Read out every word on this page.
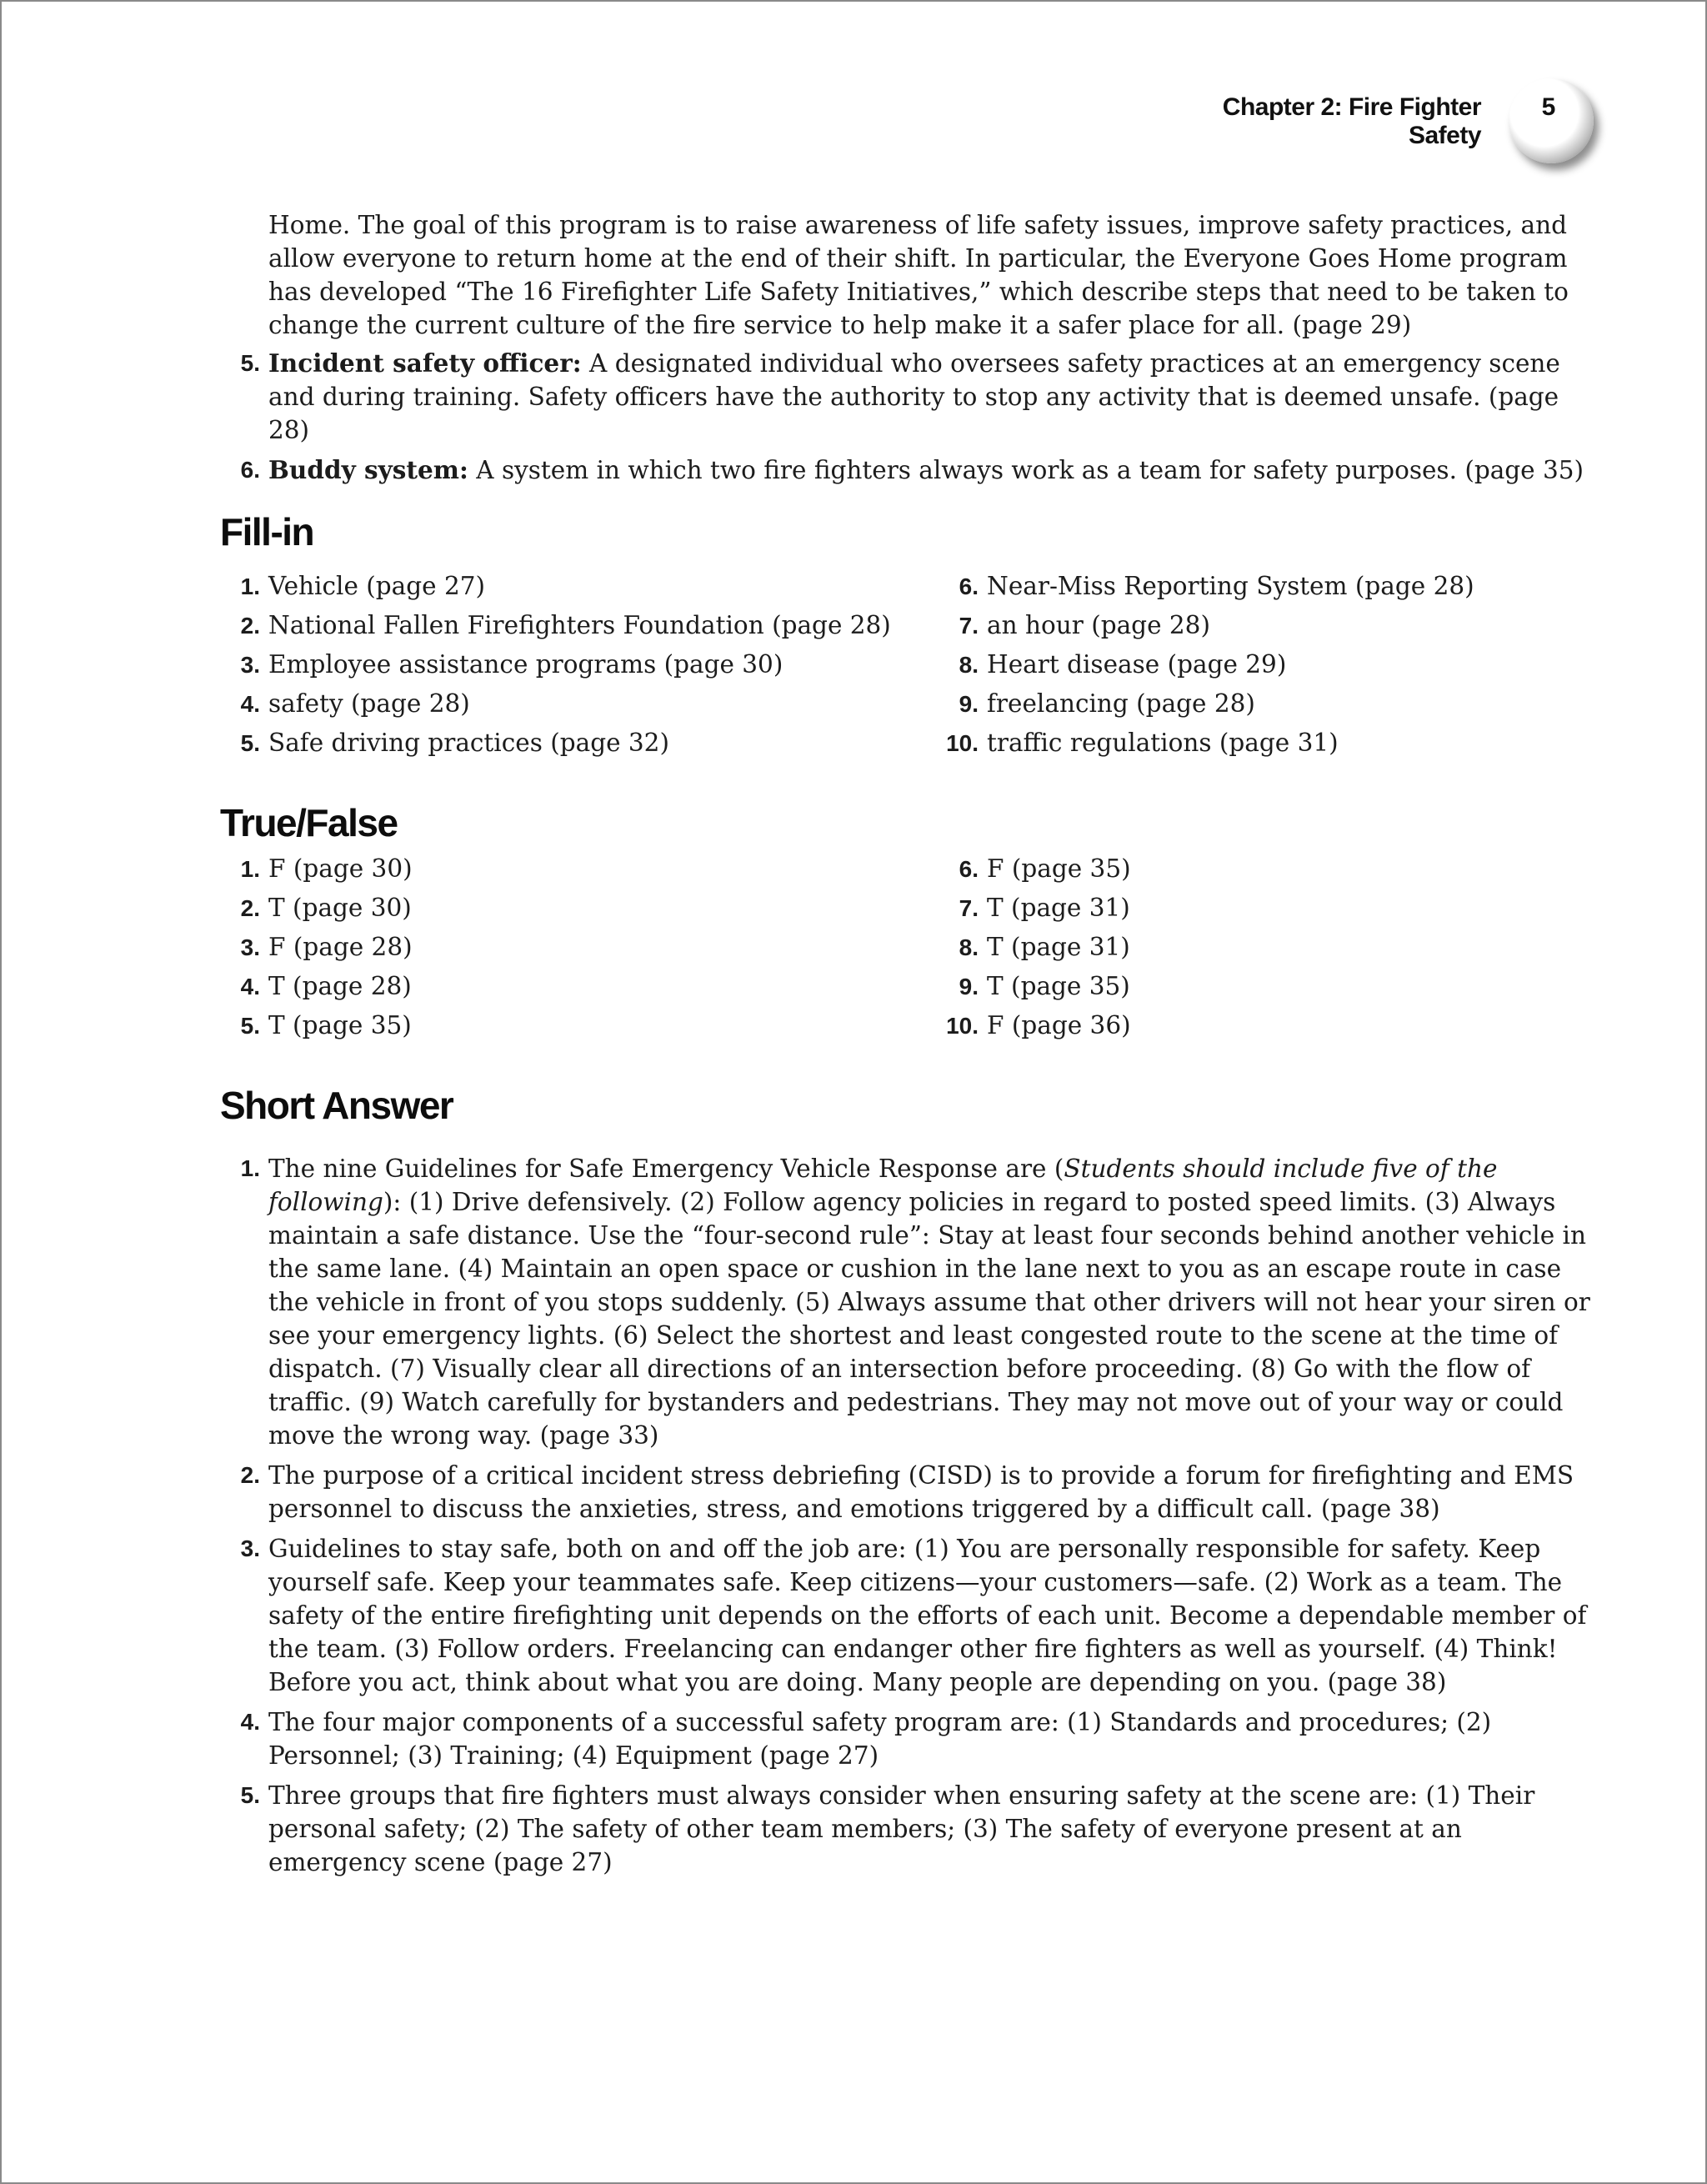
Chapter 2: Fire Fighter Safety
5

Home. The goal of this program is to raise awareness of life safety issues, improve safety practices, and allow everyone to return home at the end of their shift. In particular, the Everyone Goes Home program has developed “The 16 Firefighter Life Safety Initiatives,” which describe steps that need to be taken to change the current culture of the fire service to help make it a safer place for all. (page 29)

5. Incident safety officer: A designated individual who oversees safety practices at an emergency scene and during training. Safety officers have the authority to stop any activity that is deemed unsafe. (page 28)
6. Buddy system: A system in which two fire fighters always work as a team for safety purposes. (page 35)
Fill-in
1. Vehicle (page 27)
2. National Fallen Firefighters Foundation (page 28)
3. Employee assistance programs (page 30)
4. safety (page 28)
5. Safe driving practices (page 32)
6. Near-Miss Reporting System (page 28)
7. an hour (page 28)
8. Heart disease (page 29)
9. freelancing (page 28)
10. traffic regulations (page 31)
True/False
1. F (page 30)
2. T (page 30)
3. F (page 28)
4. T (page 28)
5. T (page 35)
6. F (page 35)
7. T (page 31)
8. T (page 31)
9. T (page 35)
10. F (page 36)
Short Answer
1. The nine Guidelines for Safe Emergency Vehicle Response are (Students should include five of the following): (1) Drive defensively. (2) Follow agency policies in regard to posted speed limits. (3) Always maintain a safe distance. Use the “four-second rule”: Stay at least four seconds behind another vehicle in the same lane. (4) Maintain an open space or cushion in the lane next to you as an escape route in case the vehicle in front of you stops suddenly. (5) Always assume that other drivers will not hear your siren or see your emergency lights. (6) Select the shortest and least congested route to the scene at the time of dispatch. (7) Visually clear all directions of an intersection before proceeding. (8) Go with the flow of traffic. (9) Watch carefully for bystanders and pedestrians. They may not move out of your way or could move the wrong way. (page 33)
2. The purpose of a critical incident stress debriefing (CISD) is to provide a forum for firefighting and EMS personnel to discuss the anxieties, stress, and emotions triggered by a difficult call. (page 38)
3. Guidelines to stay safe, both on and off the job are: (1) You are personally responsible for safety. Keep yourself safe. Keep your teammates safe. Keep citizens—your customers—safe. (2) Work as a team. The safety of the entire firefighting unit depends on the efforts of each unit. Become a dependable member of the team. (3) Follow orders. Freelancing can endanger other fire fighters as well as yourself. (4) Think! Before you act, think about what you are doing. Many people are depending on you. (page 38)
4. The four major components of a successful safety program are: (1) Standards and procedures; (2) Personnel; (3) Training; (4) Equipment (page 27)
5. Three groups that fire fighters must always consider when ensuring safety at the scene are: (1) Their personal safety; (2) The safety of other team members; (3) The safety of everyone present at an emergency scene (page 27)
